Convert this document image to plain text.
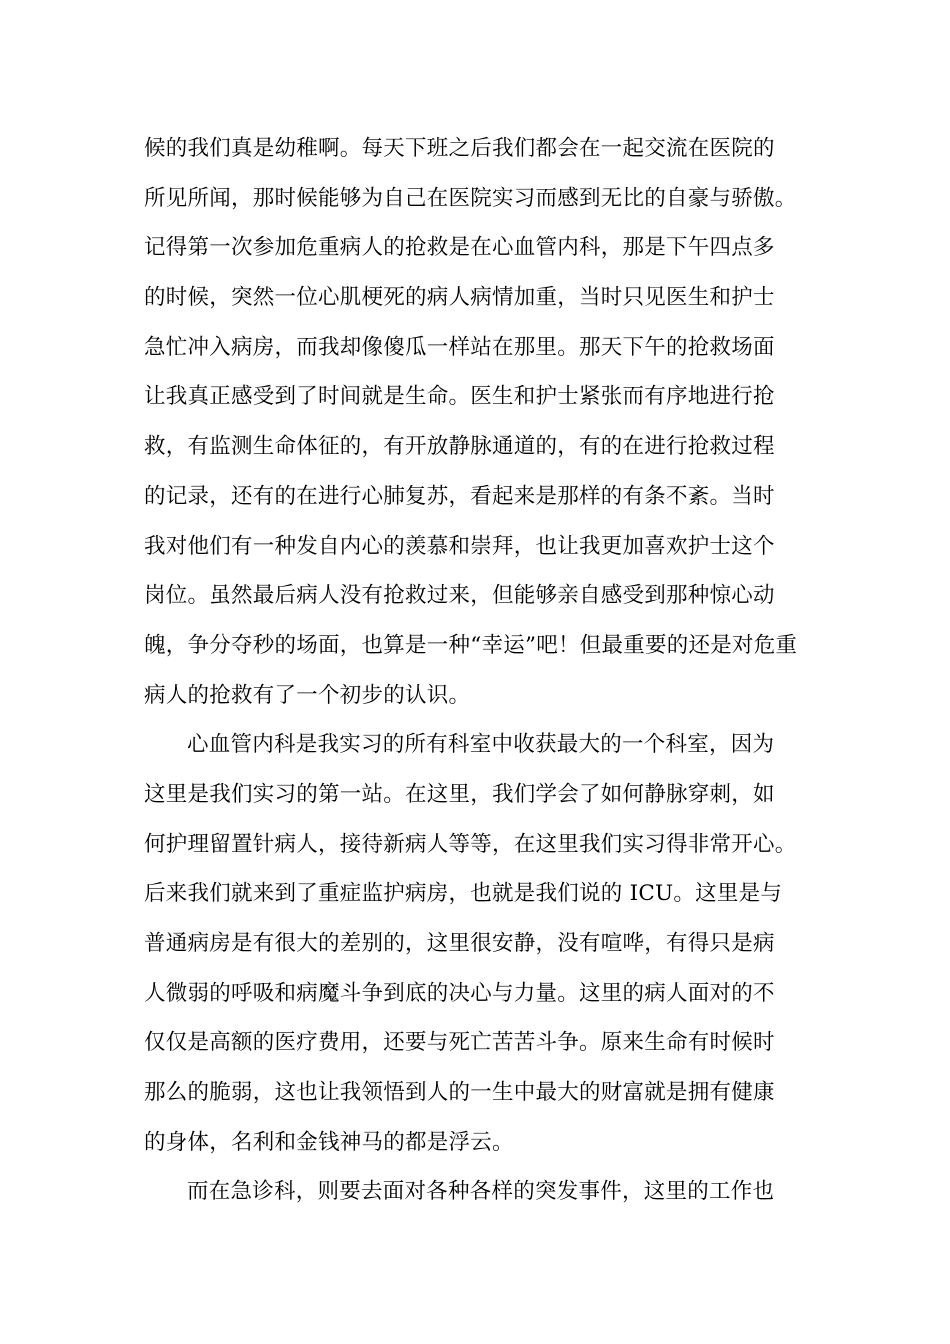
候的我们真是幼稚啊。每天下班之后我们都会在一起交流在医院的
所见所闻，那时候能够为自己在医院实习而感到无比的自豪与骄傲。
记得第一次参加危重病人的抢救是在心血管内科，那是下午四点多
的时候，突然一位心肌梗死的病人病情加重，当时只见医生和护士
急忙冲入病房，而我却像傻瓜一样站在那里。那天下午的抢救场面
让我真正感受到了时间就是生命。医生和护士紧张而有序地进行抢
救，有监测生命体征的，有开放静脉通道的，有的在进行抢救过程
的记录，还有的在进行心肺复苏，看起来是那样的有条不紊。当时
我对他们有一种发自内心的羡慕和崇拜，也让我更加喜欢护士这个
岗位。虽然最后病人没有抢救过来，但能够亲自感受到那种惊心动
魄，争分夺秒的场面，也算是一种“幸运”吧！但最重要的还是对危重
病人的抢救有了一个初步的认识。
心血管内科是我实习的所有科室中收获最大的一个科室，因为
这里是我们实习的第一站。在这里，我们学会了如何静脉穿刺，如
何护理留置针病人，接待新病人等等，在这里我们实习得非常开心。
后来我们就来到了重症监护病房，也就是我们说的 ICU。这里是与
普通病房是有很大的差别的，这里很安静，没有喧哗，有得只是病
人微弱的呼吸和病魔斗争到底的决心与力量。这里的病人面对的不
仅仅是高额的医疗费用，还要与死亡苦苦斗争。原来生命有时候时
那么的脆弱，这也让我领悟到人的一生中最大的财富就是拥有健康
的身体，名利和金钱神马的都是浮云。
而在急诊科，则要去面对各种各样的突发事件，这里的工作也
